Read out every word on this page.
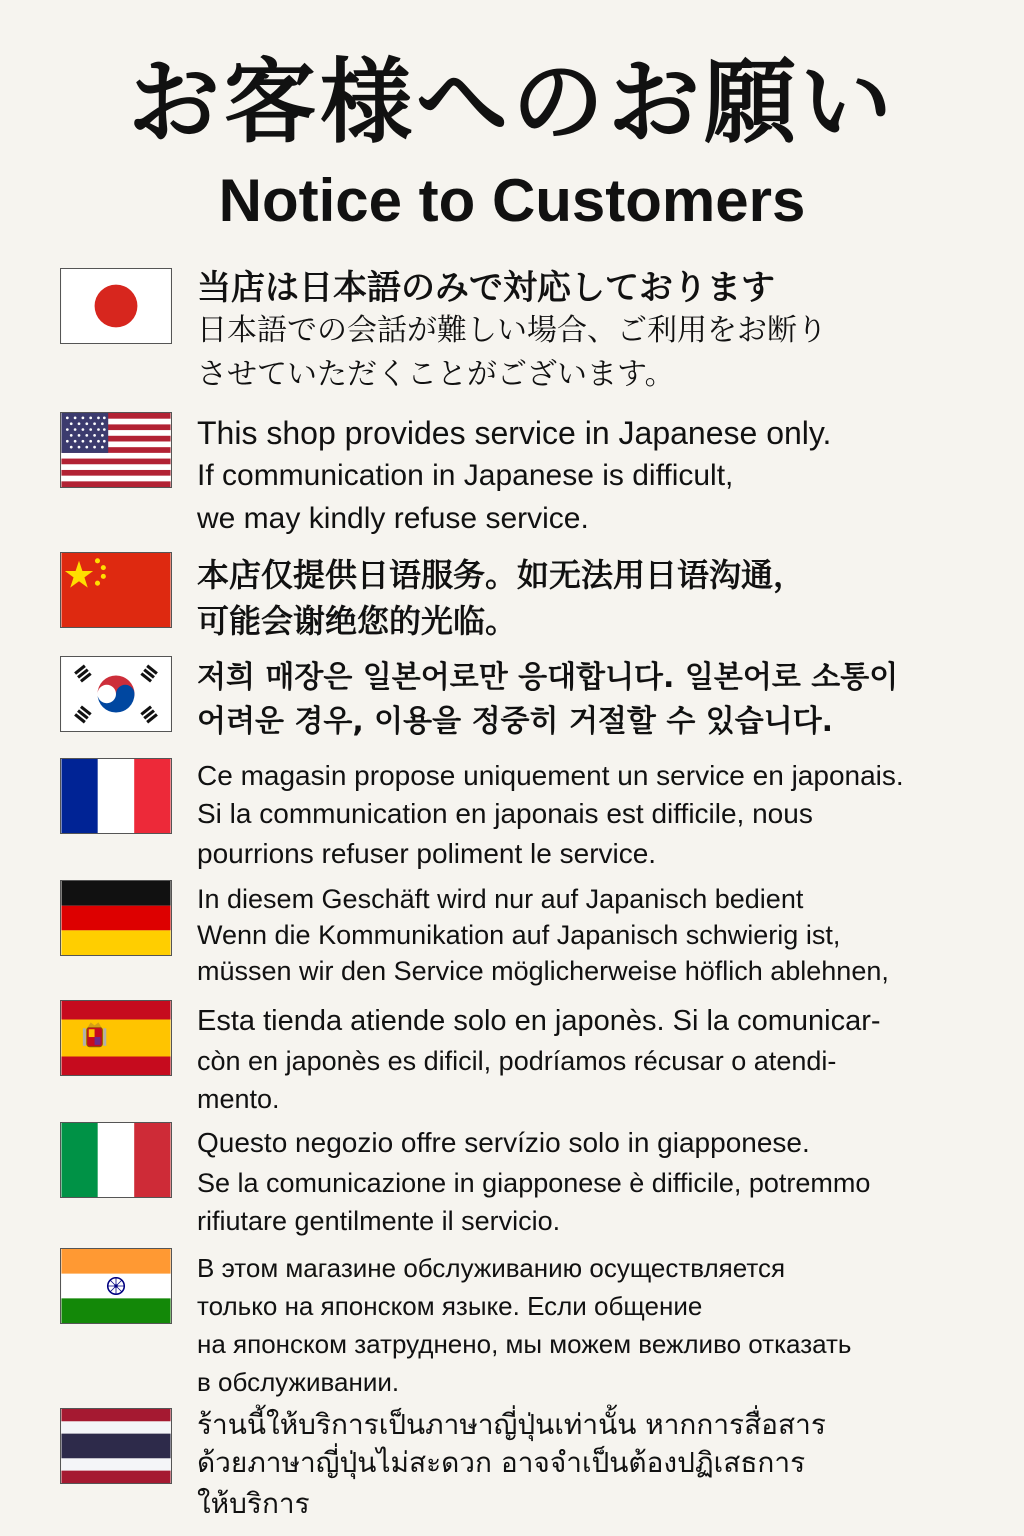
お客様へのお願い
Notice to Customers

当店は日本語のみで対応しております

日本語での会話が難しい場合、ご利用をお断り

させていただくことがございます。

This shop provides service in Japanese only.

If communication in Japanese is difficult,

we may kindly refuse service.

本店仅提供日语服务。如无法用日语沟通，

可能会谢绝您的光临。

저희 매장은 일본어로만 응대합니다. 일본어로 소통이

어려운 경우, 이용을 정중히 거절할 수 있습니다.

Ce magasin propose uniquement un service en japonais.

Si la communication en japonais est difficile, nous

pourrions refuser poliment le service.

In diesem Geschäft wird nur auf Japanisch bedient

Wenn die Kommunikation auf Japanisch schwierig ist,

müssen wir den Service möglicherweise höflich ablehnen,

Esta tienda atiende solo en japonès. Si la comunicar-

còn en japonès es dificil, podríamos récusar o atendi-

mento.

Questo negozio offre servízio solo in giapponese.

Se la comunicazione in giapponese è difficile, potremmo

rifiutare gentilmente il servicio.

В этом магазине обслуживанию осуществляется

только на японском языке. Если общение

на японском затруднено, мы можем вежливо отказать

в обслуживании.

ร้านนี้ให้บริการเป็นภาษาญี่ปุ่นเท่านั้น หากการสื่อสาร

ด้วยภาษาญี่ปุ่นไม่สะดวก อาจจำเป็นต้องปฏิเสธการ

ให้บริการ
